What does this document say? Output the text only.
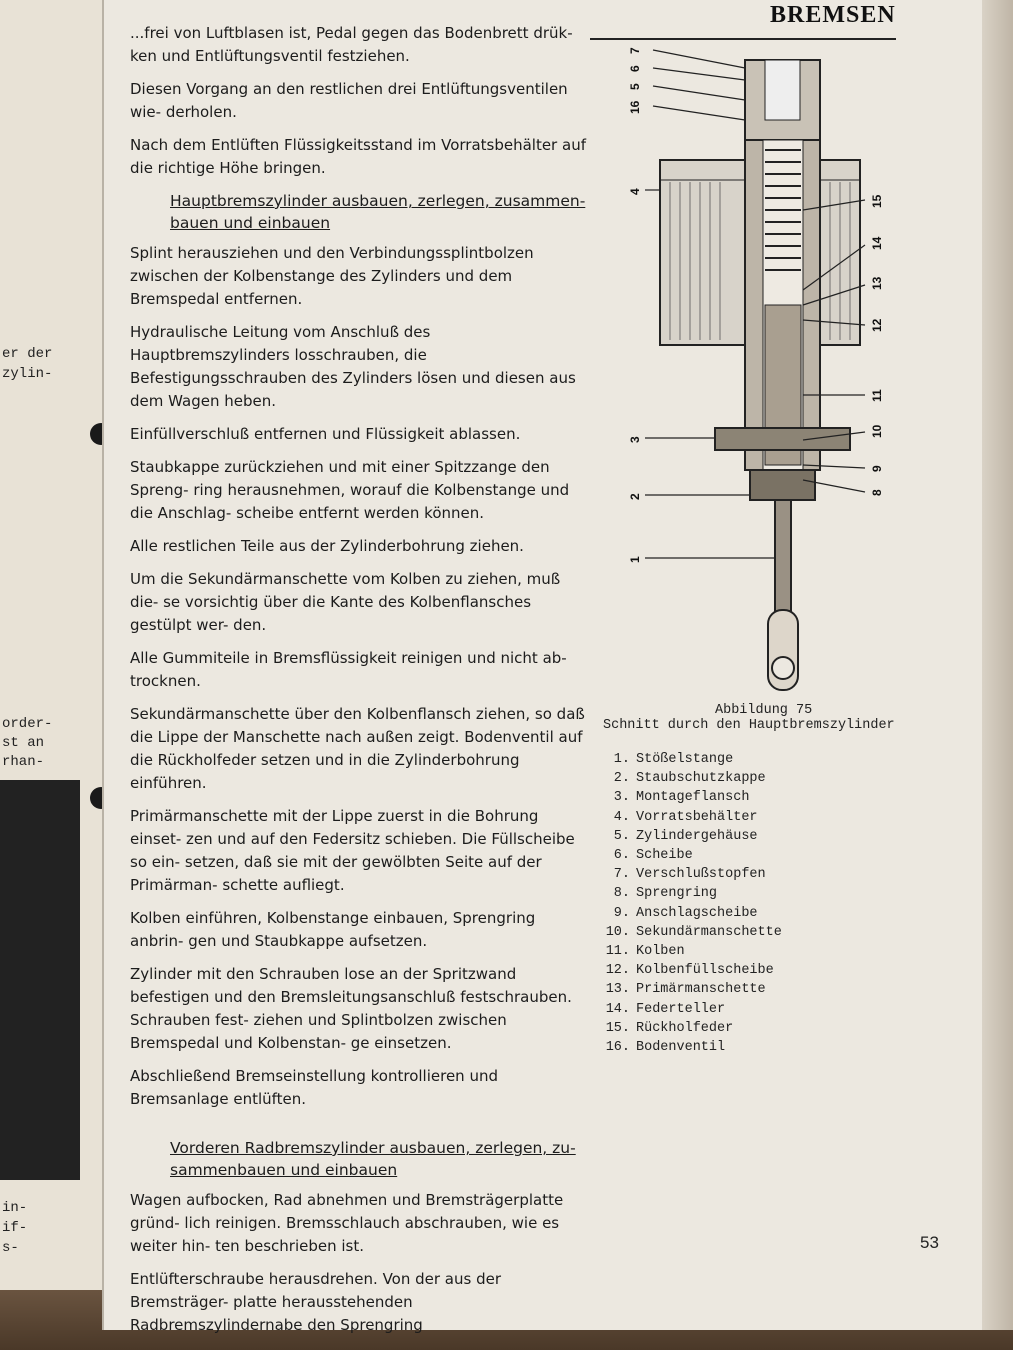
er der
zylin-
order-
st an
rhan-
in-
if-
s-
BREMSEN

...frei von Luftblasen ist, Pedal gegen das Bodenbrett drük- ken und Entlüftungsventil festziehen.

Diesen Vorgang an den restlichen drei Entlüftungsventilen wie- derholen.

Nach dem Entlüften Flüssigkeitsstand im Vorratsbehälter auf die richtige Höhe bringen.

Hauptbremszylinder ausbauen, zerlegen, zusammen- bauen und einbauen

Splint herausziehen und den Verbindungssplintbolzen zwischen der Kolbenstange des Zylinders und dem Bremspedal entfernen.

Hydraulische Leitung vom Anschluß des Hauptbremszylinders losschrauben, die Befestigungsschrauben des Zylinders lösen und diesen aus dem Wagen heben.

Einfüllverschluß entfernen und Flüssigkeit ablassen.

Staubkappe zurückziehen und mit einer Spitzzange den Spreng- ring herausnehmen, worauf die Kolbenstange und die Anschlag- scheibe entfernt werden können.

Alle restlichen Teile aus der Zylinderbohrung ziehen.

Um die Sekundärmanschette vom Kolben zu ziehen, muß die- se vorsichtig über die Kante des Kolbenflansches gestülpt wer- den.

Alle Gummiteile in Bremsflüssigkeit reinigen und nicht ab- trocknen.

Sekundärmanschette über den Kolbenflansch ziehen, so daß die Lippe der Manschette nach außen zeigt. Bodenventil auf die Rückholfeder setzen und in die Zylinderbohrung einführen.

Primärmanschette mit der Lippe zuerst in die Bohrung einset- zen und auf den Federsitz schieben. Die Füllscheibe so ein- setzen, daß sie mit der gewölbten Seite auf der Primärman- schette aufliegt.

Kolben einführen, Kolbenstange einbauen, Sprengring anbrin- gen und Staubkappe aufsetzen.

Zylinder mit den Schrauben lose an der Spritzwand befestigen und den Bremsleitungsanschluß festschrauben. Schrauben fest- ziehen und Splintbolzen zwischen Bremspedal und Kolbenstan- ge einsetzen.

Abschließend Bremseinstellung kontrollieren und Bremsanlage entlüften.

Vorderen Radbremszylinder ausbauen, zerlegen, zu- sammenbauen und einbauen

Wagen aufbocken, Rad abnehmen und Bremsträgerplatte gründ- lich reinigen. Bremsschlauch abschrauben, wie es weiter hin- ten beschrieben ist.

Entlüfterschraube herausdrehen. Von der aus der Bremsträger- platte herausstehenden Radbremszylindernabe den Sprengring

7
6
5
16
4
3
2
1
15
14
13
12
11
10
9
8
Abbildung 75
Schnitt durch den Hauptbremszylinder
1. Stößelstange
2. Staubschutzkappe
3. Montageflansch
4. Vorratsbehälter
5. Zylindergehäuse
6. Scheibe
7. Verschlußstopfen
8. Sprengring
9. Anschlagscheibe
10. Sekundärmanschette
11. Kolben
12. Kolbenfüllscheibe
13. Primärmanschette
14. Federteller
15. Rückholfeder
16. Bodenventil
53
